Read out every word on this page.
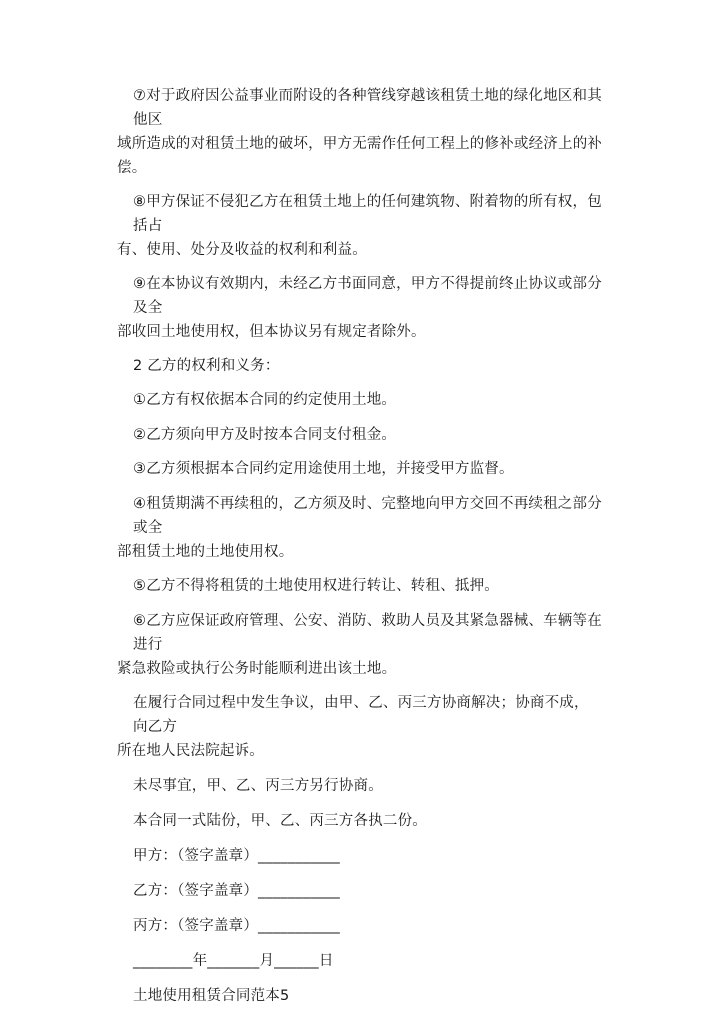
⑦对于政府因公益事业而附设的各种管线穿越该租赁土地的绿化地区和其他区
域所造成的对租赁土地的破坏，甲方无需作任何工程上的修补或经济上的补偿。

⑧甲方保证不侵犯乙方在租赁土地上的任何建筑物、附着物的所有权，包括占
有、使用、处分及收益的权利和利益。

⑨在本协议有效期内，未经乙方书面同意，甲方不得提前终止协议或部分及全
部收回土地使用权，但本协议另有规定者除外。

2 乙方的权利和义务：

①乙方有权依据本合同的约定使用土地。

②乙方须向甲方及时按本合同支付租金。

③乙方须根据本合同约定用途使用土地，并接受甲方监督。

④租赁期满不再续租的，乙方须及时、完整地向甲方交回不再续租之部分或全
部租赁土地的土地使用权。

⑤乙方不得将租赁的土地使用权进行转让、转租、抵押。

⑥乙方应保证政府管理、公安、消防、救助人员及其紧急器械、车辆等在进行
紧急救险或执行公务时能顺利进出该土地。

在履行合同过程中发生争议，由甲、乙、丙三方协商解决；协商不成，向乙方
所在地人民法院起诉。

未尽事宜，甲、乙、丙三方另行协商。

本合同一式陆份，甲、乙、丙三方各执二份。

甲方：（签字盖章）___________

乙方：（签字盖章）___________

丙方：（签字盖章）___________

________年_______月______日

土地使用租赁合同范本5
